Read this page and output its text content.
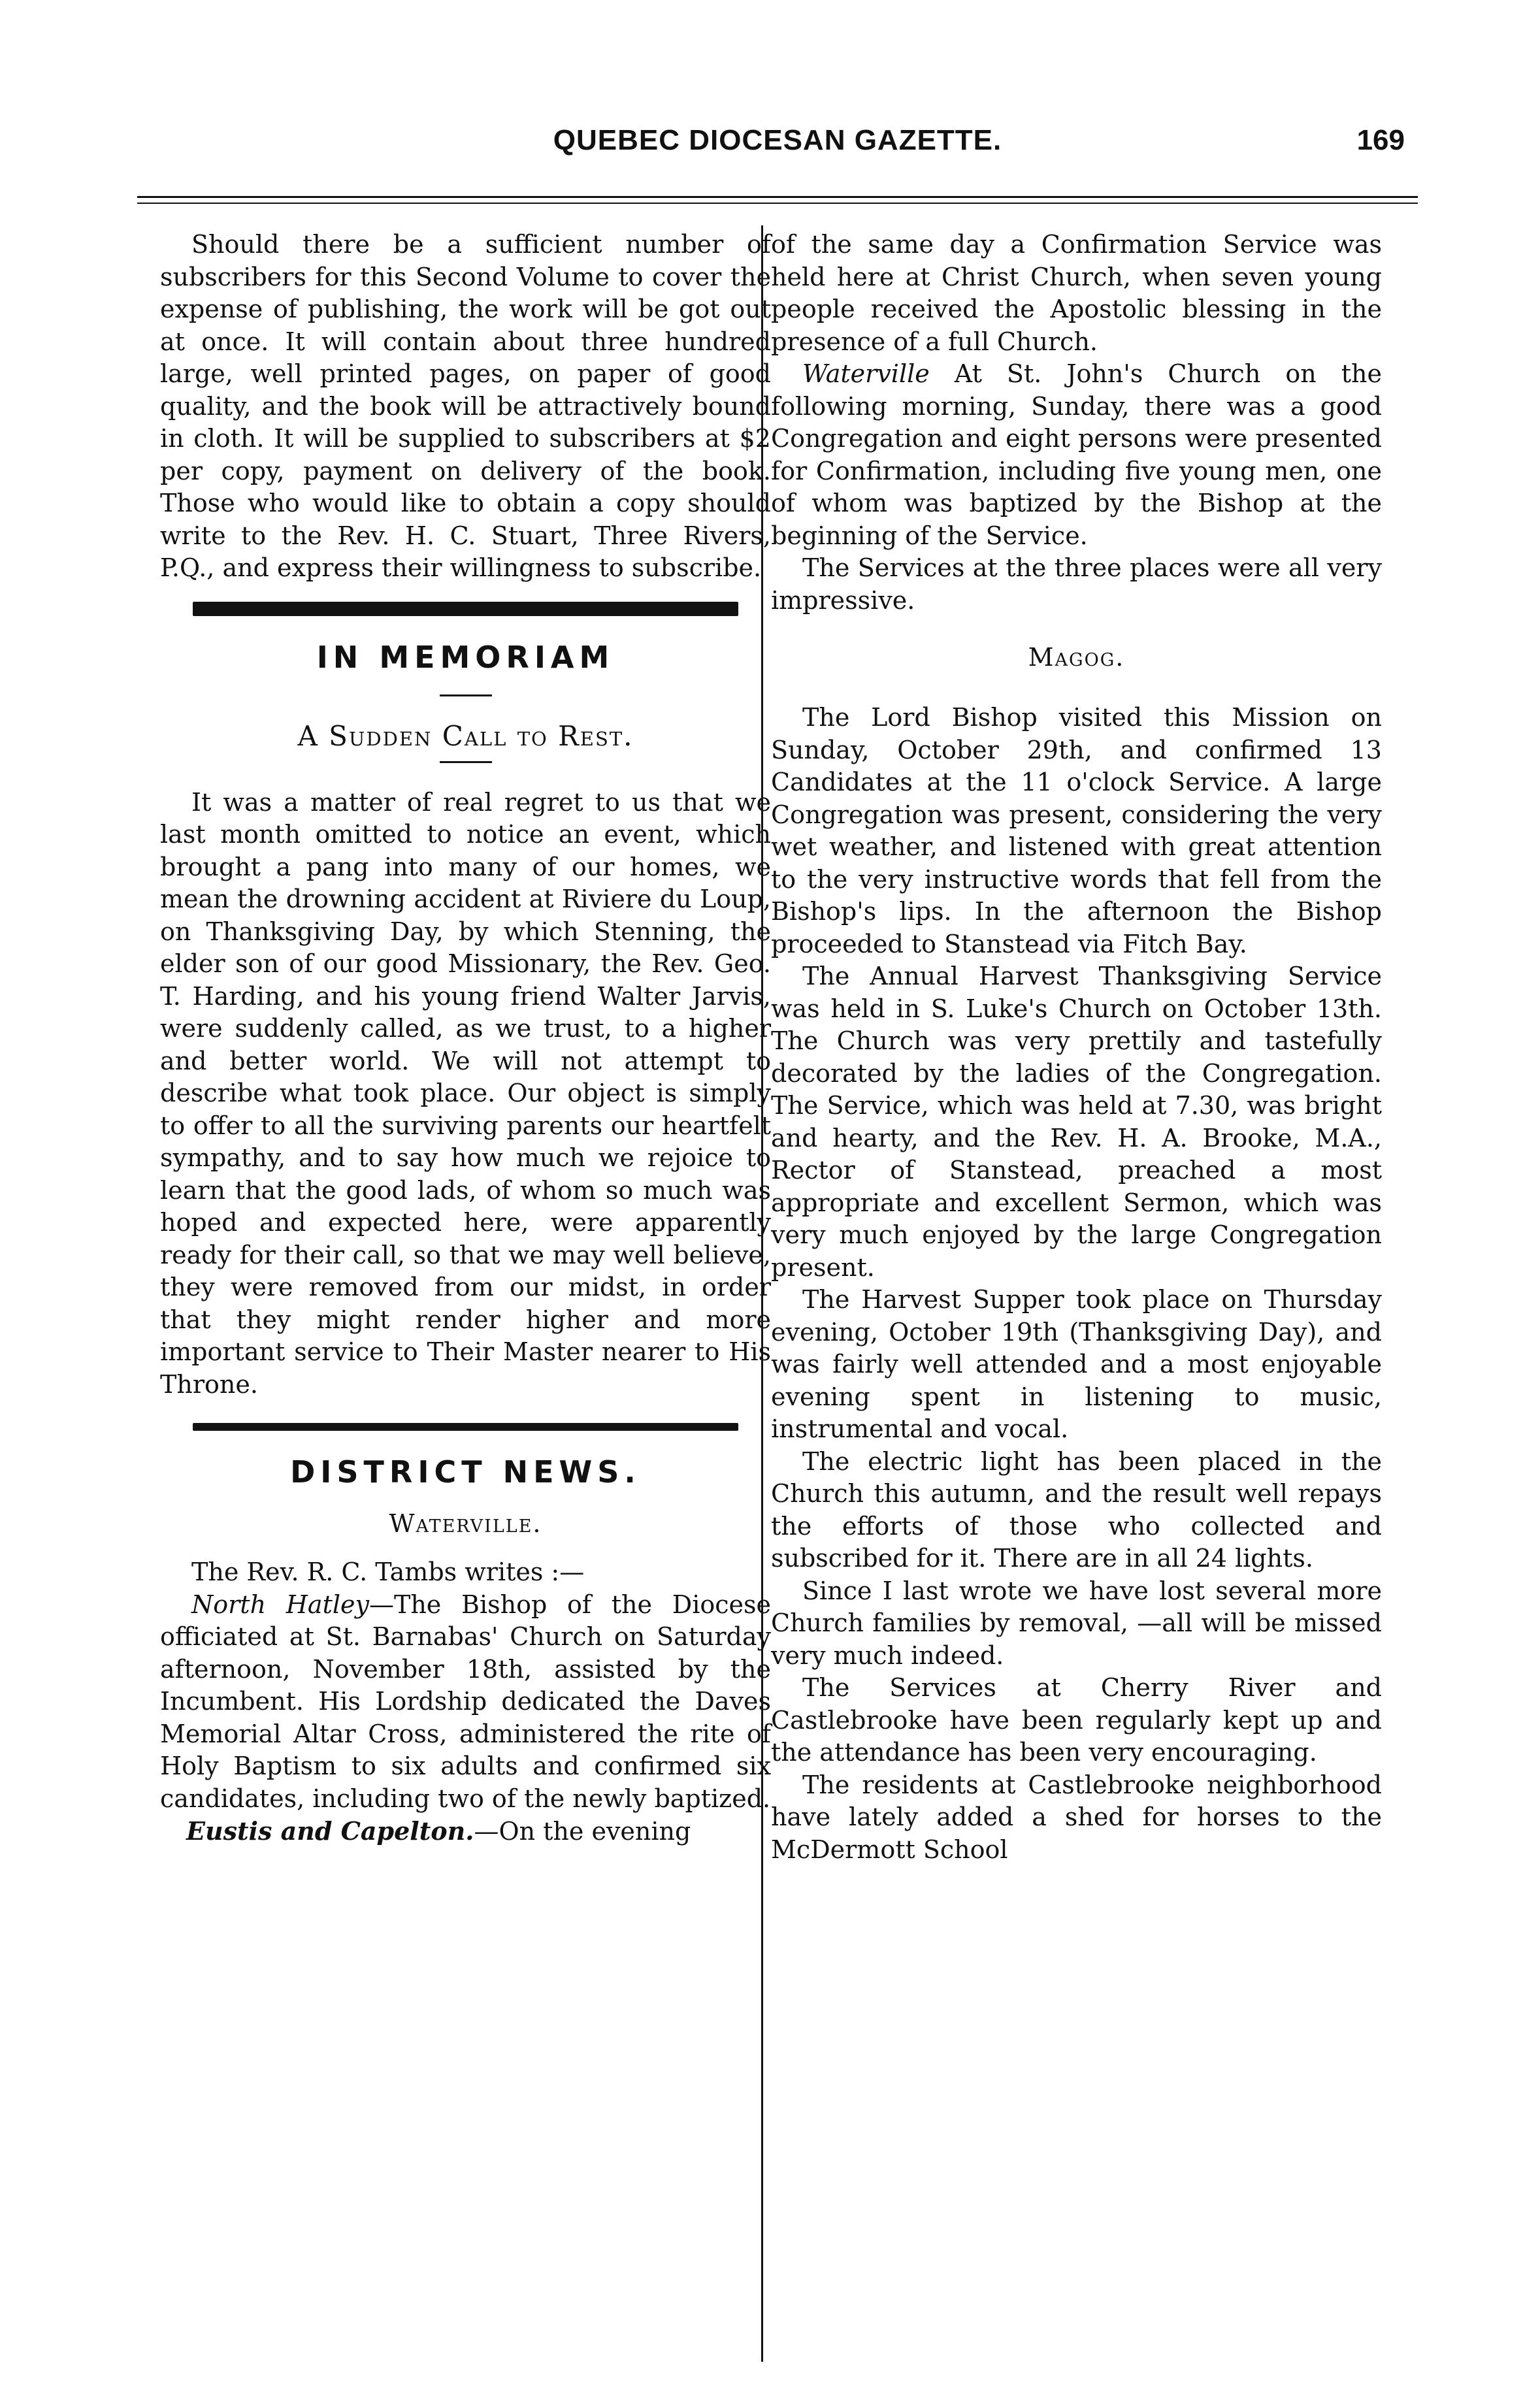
QUEBEC DIOCESAN GAZETTE.	169

Should there be a sufficient number of subscribers for this Second Volume to cover the expense of publishing, the work will be got out at once. It will contain about three hundred large, well printed pages, on paper of good quality, and the book will be attractively bound in cloth. It will be supplied to subscribers at $2 per copy, payment on delivery of the book. Those who would like to obtain a copy should write to the Rev. H. C. Stuart, Three Rivers, P.Q., and express their willingness to subscribe.

IN MEMORIAM
A Sudden Call to Rest.

It was a matter of real regret to us that we last month omitted to notice an event, which brought a pang into many of our homes, we mean the drowning accident at Riviere du Loup, on Thanksgiving Day, by which Stenning, the elder son of our good Missionary, the Rev. Geo. T. Harding, and his young friend Walter Jarvis, were suddenly called, as we trust, to a higher and better world. We will not attempt to describe what took place. Our object is simply to offer to all the surviving parents our heartfelt sympathy, and to say how much we rejoice to learn that the good lads, of whom so much was hoped and expected here, were apparently ready for their call, so that we may well believe, they were removed from our midst, in order that they might render higher and more important service to Their Master nearer to His Throne.

DISTRICT NEWS.
Waterville.

The Rev. R. C. Tambs writes :—

North Hatley—The Bishop of the Diocese officiated at St. Barnabas' Church on Saturday afternoon, November 18th, assisted by the Incumbent. His Lordship dedicated the Daves Memorial Altar Cross, administered the rite of Holy Baptism to six adults and confirmed six candidates, including two of the newly baptized.

Eustis and Capelton.—On the evening

of the same day a Confirmation Service was held here at Christ Church, when seven young people received the Apostolic blessing in the presence of a full Church.

Waterville At St. John's Church on the following morning, Sunday, there was a good Congregation and eight persons were presented for Confirmation, including five young men, one of whom was baptized by the Bishop at the beginning of the Service.

The Services at the three places were all very impressive.

Magog.

The Lord Bishop visited this Mission on Sunday, October 29th, and confirmed 13 Candidates at the 11 o'clock Service. A large Congregation was present, considering the very wet weather, and listened with great attention to the very instructive words that fell from the Bishop's lips. In the afternoon the Bishop proceeded to Stanstead via Fitch Bay.

The Annual Harvest Thanksgiving Service was held in S. Luke's Church on October 13th. The Church was very prettily and tastefully decorated by the ladies of the Congregation. The Service, which was held at 7.30, was bright and hearty, and the Rev. H. A. Brooke, M.A., Rector of Stanstead, preached a most appropriate and excellent Sermon, which was very much enjoyed by the large Congregation present.

The Harvest Supper took place on Thursday evening, October 19th (Thanksgiving Day), and was fairly well attended and a most enjoyable evening spent in listening to music, instrumental and vocal.

The electric light has been placed in the Church this autumn, and the result well repays the efforts of those who collected and subscribed for it. There are in all 24 lights.

Since I last wrote we have lost several more Church families by removal, —all will be missed very much indeed.

The Services at Cherry River and Castlebrooke have been regularly kept up and the attendance has been very encouraging.

The residents at Castlebrooke neighborhood have lately added a shed for horses to the McDermott School
